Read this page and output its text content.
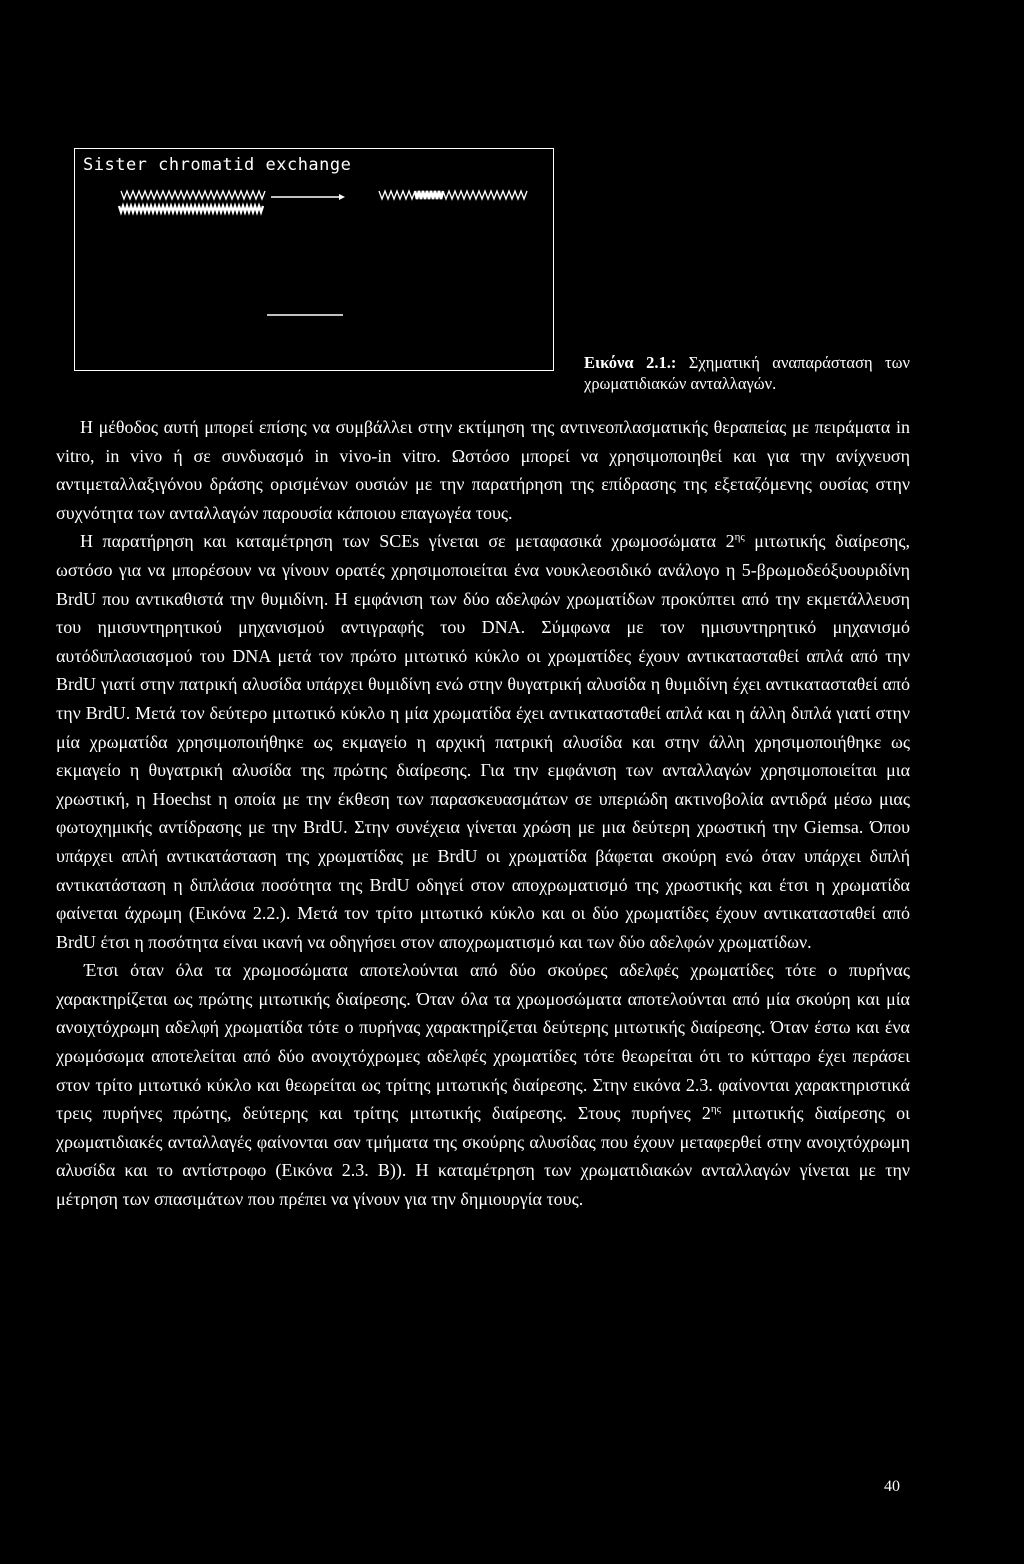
Sister chromatid exchange
Εικόνα 2.1.: Σχηματική αναπαράσταση των χρωματιδιακών ανταλλαγών.

Η μέθοδος αυτή μπορεί επίσης να συμβάλλει στην εκτίμηση της αντινεοπλασματικής θεραπείας με πειράματα in vitro, in vivo ή σε συνδυασμό in vivo-in vitro. Ωστόσο μπορεί να χρησιμοποιηθεί και για την ανίχνευση αντιμεταλλαξιγόνου δράσης ορισμένων ουσιών με την παρατήρηση της επίδρασης της εξεταζόμενης ουσίας στην συχνότητα των ανταλλαγών παρουσία κάποιου επαγωγέα τους.

Η παρατήρηση και καταμέτρηση των SCEs γίνεται σε μεταφασικά χρωμοσώματα $2^{\eta\varsigma}$ μιτωτικής διαίρεσης, ωστόσο για να μπορέσουν να γίνουν ορατές χρησιμοποιείται ένα νουκλεοσιδικό ανάλογο η 5-βρωμοδεόξυουριδίνη BrdU που αντικαθιστά την θυμιδίνη. Η εμφάνιση των δύο αδελφών χρωματίδων προκύπτει από την εκμετάλλευση του ημισυντηρητικού μηχανισμού αντιγραφής του DNA. Σύμφωνα με τον ημισυντηρητικό μηχανισμό αυτόδιπλασιασμού του DNA μετά τον πρώτο μιτωτικό κύκλο οι χρωματίδες έχουν αντικατασταθεί απλά από την BrdU γιατί στην πατρική αλυσίδα υπάρχει θυμιδίνη ενώ στην θυγατρική αλυσίδα η θυμιδίνη έχει αντικατασταθεί από την BrdU. Μετά τον δεύτερο μιτωτικό κύκλο η μία χρωματίδα έχει αντικατασταθεί απλά και η άλλη διπλά γιατί στην μία χρωματίδα χρησιμοποιήθηκε ως εκμαγείο η αρχική πατρική αλυσίδα και στην άλλη χρησιμοποιήθηκε ως εκμαγείο η θυγατρική αλυσίδα της πρώτης διαίρεσης. Για την εμφάνιση των ανταλλαγών χρησιμοποιείται μια χρωστική, η Hoechst η οποία με την έκθεση των παρασκευασμάτων σε υπεριώδη ακτινοβολία αντιδρά μέσω μιας φωτοχημικής αντίδρασης με την BrdU. Στην συνέχεια γίνεται χρώση με μια δεύτερη χρωστική την Giemsa. Όπου υπάρχει απλή αντικατάσταση της χρωματίδας με BrdU οι χρωματίδα βάφεται σκούρη ενώ όταν υπάρχει διπλή αντικατάσταση η διπλάσια ποσότητα της BrdU οδηγεί στον αποχρωματισμό της χρωστικής και έτσι η χρωματίδα φαίνεται άχρωμη (Εικόνα 2.2.). Μετά τον τρίτο μιτωτικό κύκλο και οι δύο χρωματίδες έχουν αντικατασταθεί από BrdU έτσι η ποσότητα είναι ικανή να οδηγήσει στον αποχρωματισμό και των δύο αδελφών χρωματίδων.

Έτσι όταν όλα τα χρωμοσώματα αποτελούνται από δύο σκούρες αδελφές χρωματίδες τότε ο πυρήνας χαρακτηρίζεται ως πρώτης μιτωτικής διαίρεσης. Όταν όλα τα χρωμοσώματα αποτελούνται από μία σκούρη και μία ανοιχτόχρωμη αδελφή χρωματίδα τότε ο πυρήνας χαρακτηρίζεται δεύτερης μιτωτικής διαίρεσης. Όταν έστω και ένα χρωμόσωμα αποτελείται από δύο ανοιχτόχρωμες αδελφές χρωματίδες τότε θεωρείται ότι το κύτταρο έχει περάσει στον τρίτο μιτωτικό κύκλο και θεωρείται ως τρίτης μιτωτικής διαίρεσης. Στην εικόνα 2.3. φαίνονται χαρακτηριστικά τρεις πυρήνες πρώτης, δεύτερης και τρίτης μιτωτικής διαίρεσης. Στους πυρήνες $2^{\eta\varsigma}$ μιτωτικής διαίρεσης οι χρωματιδιακές ανταλλαγές φαίνονται σαν τμήματα της σκούρης αλυσίδας που έχουν μεταφερθεί στην ανοιχτόχρωμη αλυσίδα και το αντίστροφο (Εικόνα 2.3. Β)). Η καταμέτρηση των χρωματιδιακών ανταλλαγών γίνεται με την μέτρηση των σπασιμάτων που πρέπει να γίνουν για την δημιουργία τους.

40
